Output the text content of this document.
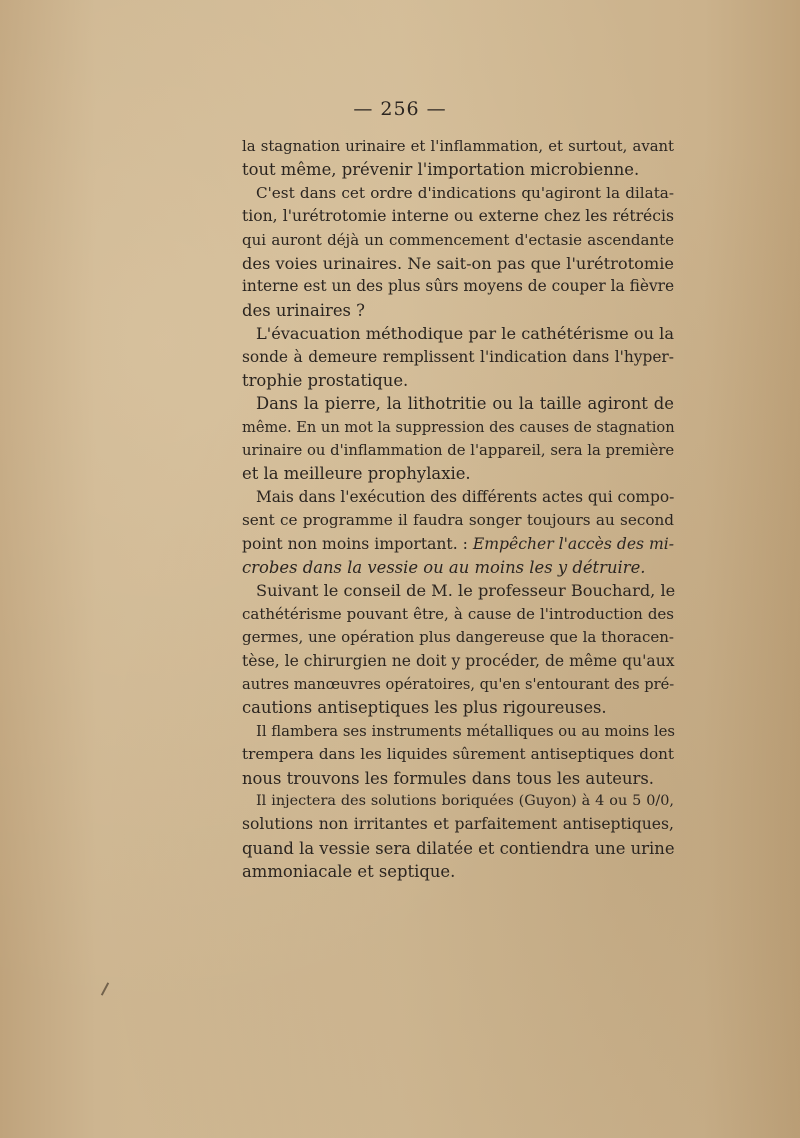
— 256 —
la stagnation urinaire et l'inflammation, et surtout, avant
tout même, prévenir l'importation microbienne.
C'est dans cet ordre d'indications qu'agiront la dilata-
tion, l'urétrotomie interne ou externe chez les rétrécis
qui auront déjà un commencement d'ectasie ascendante
des voies urinaires. Ne sait-on pas que l'urétrotomie
interne est un des plus sûrs moyens de couper la fièvre
des urinaires ?
L'évacuation méthodique par le cathétérisme ou la
sonde à demeure remplissent l'indication dans l'hyper-
trophie prostatique.
Dans la pierre, la lithotritie ou la taille agiront de
même. En un mot la suppression des causes de stagnation
urinaire ou d'inflammation de l'appareil, sera la première
et la meilleure prophylaxie.
Mais dans l'exécution des différents actes qui compo-
sent ce programme il faudra songer toujours au second
point non moins important. : Empêcher l'accès des mi-
crobes dans la vessie ou au moins les y détruire.
Suivant le conseil de M. le professeur Bouchard, le
cathétérisme pouvant être, à cause de l'introduction des
germes, une opération plus dangereuse que la thoracen-
tèse, le chirurgien ne doit y procéder, de même qu'aux
autres manœuvres opératoires, qu'en s'entourant des pré-
cautions antiseptiques les plus rigoureuses.
Il flambera ses instruments métalliques ou au moins les
trempera dans les liquides sûrement antiseptiques dont
nous trouvons les formules dans tous les auteurs.
Il injectera des solutions boriquées (Guyon) à 4 ou 5 0/0,
solutions non irritantes et parfaitement antiseptiques,
quand la vessie sera dilatée et contiendra une urine
ammoniacale et septique.
